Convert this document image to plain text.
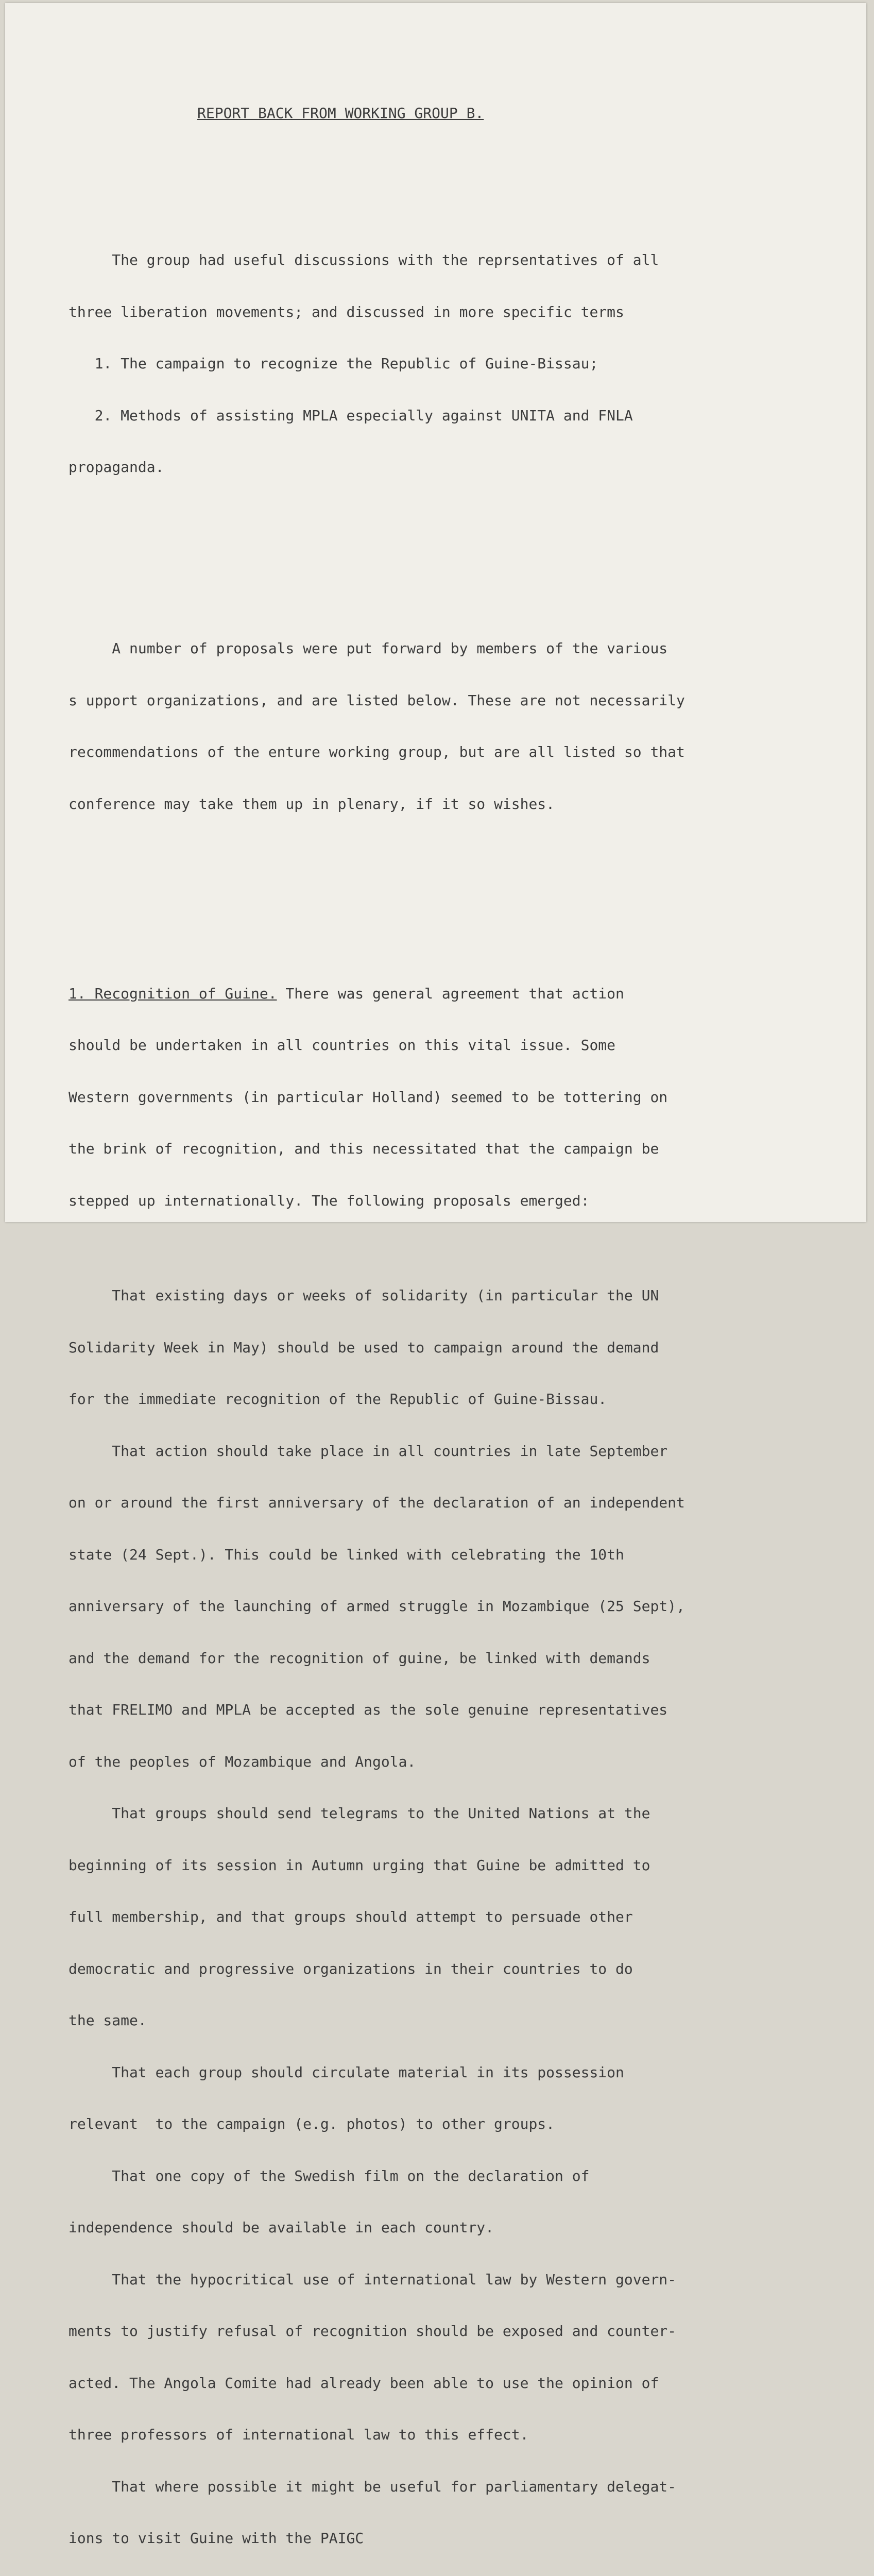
REPORT BACK FROM WORKING GROUP B.

The group had useful discussions with the reprsentatives of all

three liberation movements; and discussed in more specific terms

1. The campaign to recognize the Republic of Guine-Bissau;

2. Methods of assisting MPLA especially against UNITA and FNLA

propaganda.

A number of proposals were put forward by members of the various

s upport organizations, and are listed below. These are not necessarily

recommendations of the enture working group, but are all listed so that

conference may take them up in plenary, if it so wishes.

1. Recognition of Guine. There was general agreement that action

should be undertaken in all countries on this vital issue. Some

Western governments (in particular Holland) seemed to be tottering on

the brink of recognition, and this necessitated that the campaign be

stepped up internationally. The following proposals emerged:

That existing days or weeks of solidarity (in particular the UN

Solidarity Week in May) should be used to campaign around the demand

for the immediate recognition of the Republic of Guine-Bissau.

That action should take place in all countries in late September

on or around the first anniversary of the declaration of an independent

state (24 Sept.). This could be linked with celebrating the 10th

anniversary of the launching of armed struggle in Mozambique (25 Sept),

and the demand for the recognition of guine, be linked with demands

that FRELIMO and MPLA be accepted as the sole genuine representatives

of the peoples of Mozambique and Angola.

That groups should send telegrams to the United Nations at the

beginning of its session in Autumn urging that Guine be admitted to

full membership, and that groups should attempt to persuade other

democratic and progressive organizations in their countries to do

the same.

That each group should circulate material in its possession

relevant  to the campaign (e.g. photos) to other groups.

That one copy of the Swedish film on the declaration of

independence should be available in each country.

That the hypocritical use of international law by Western govern-

ments to justify refusal of recognition should be exposed and counter-

acted. The Angola Comite had already been able to use the opinion of

three professors of international law to this effect.

That where possible it might be useful for parliamentary delegat-

ions to visit Guine with the PAIGC
